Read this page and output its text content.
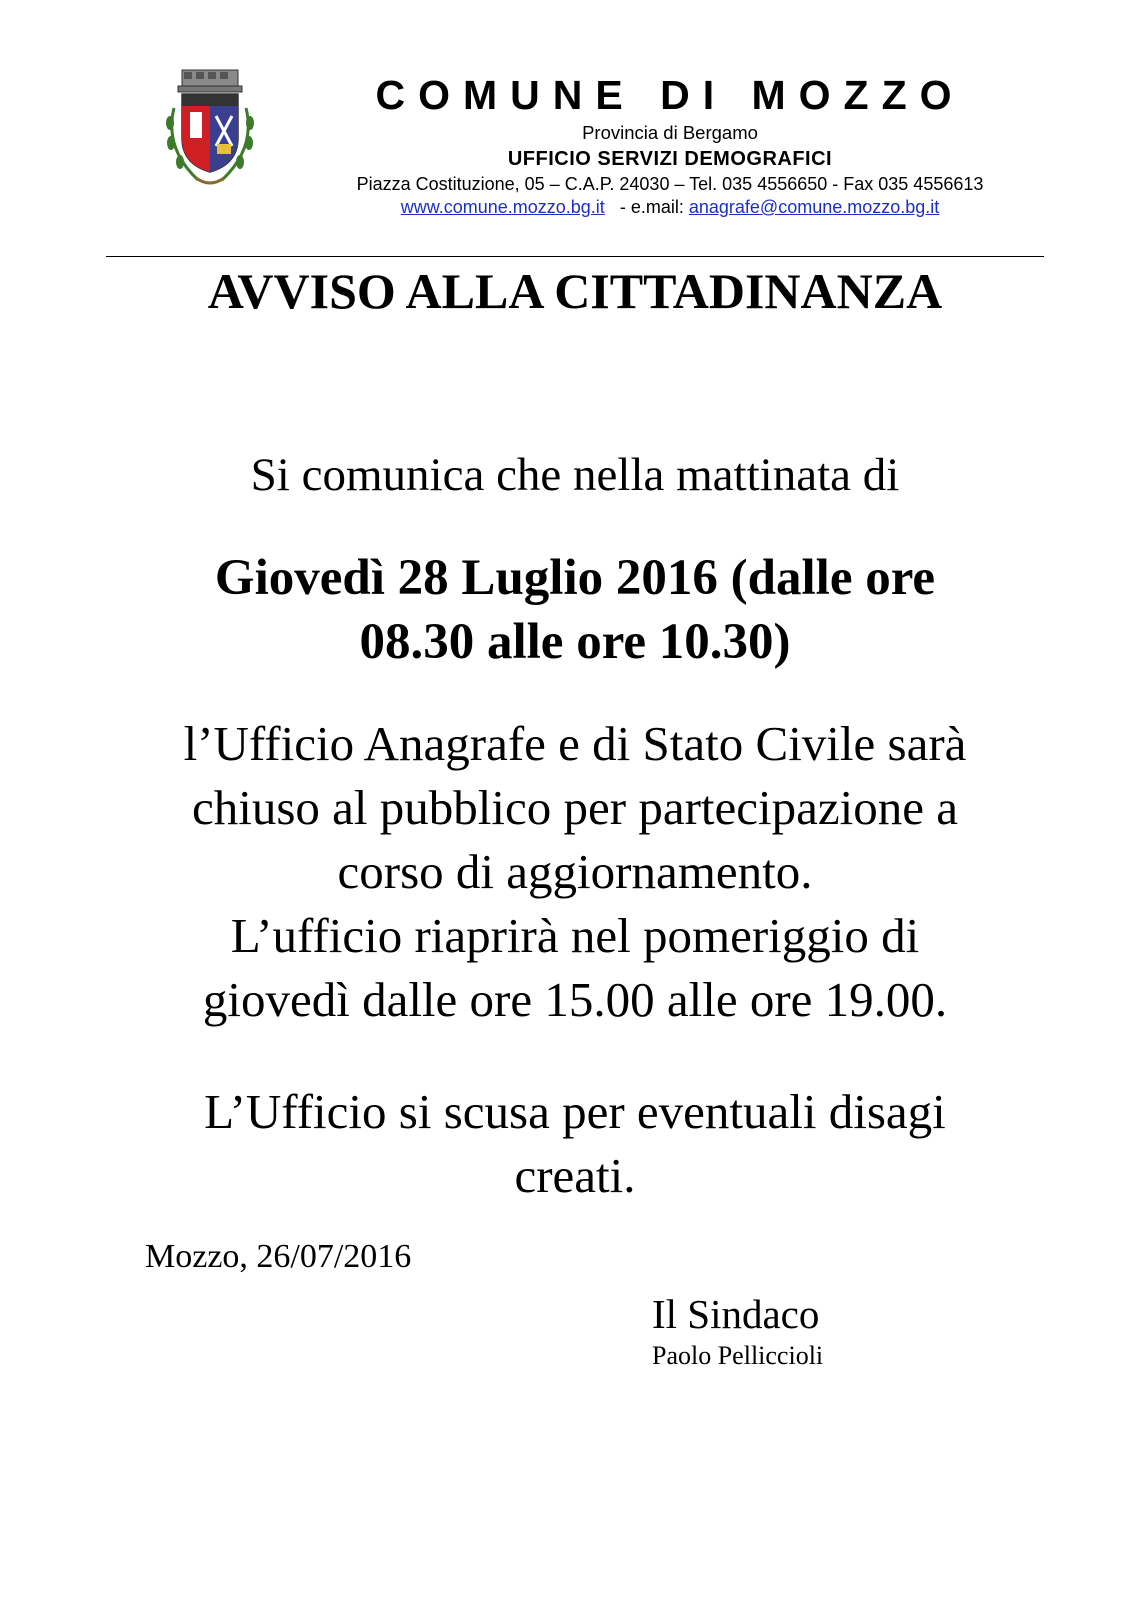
COMUNE DI MOZZO
Provincia di Bergamo
UFFICIO SERVIZI DEMOGRAFICI
Piazza Costituzione, 05 – C.A.P. 24030 – Tel. 035 4556650 - Fax 035 4556613
www.comune.mozzo.bg.it - e.mail: anagrafe@comune.mozzo.bg.it
AVVISO ALLA CITTADINANZA
Si comunica che nella mattinata di
Giovedì 28 Luglio 2016 (dalle ore
08.30 alle ore 10.30)
l’Ufficio Anagrafe e di Stato Civile sarà
chiuso al pubblico per partecipazione a
corso di aggiornamento.
L’ufficio riaprirà nel pomeriggio di
giovedì dalle ore 15.00 alle ore 19.00.
L’Ufficio si scusa per eventuali disagi
creati.
Mozzo, 26/07/2016
Il Sindaco
Paolo Pelliccioli
